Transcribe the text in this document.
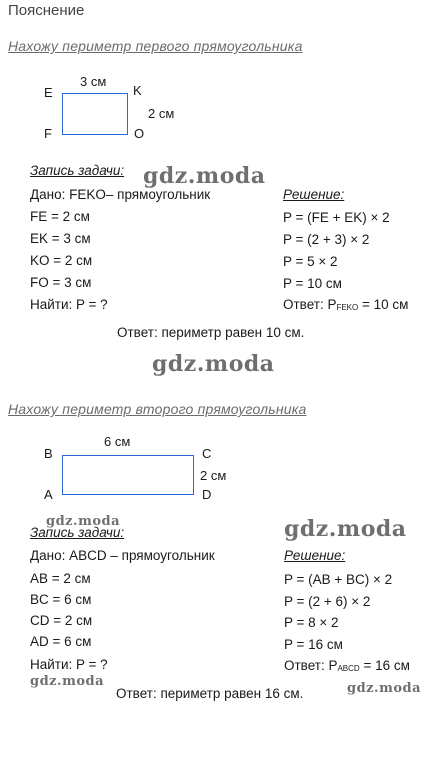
Пояснение
Нахожу периметр первого прямоугольника
E
3 см
K
2 см
F	O
Запись задачи:
Дано: FEKO– прямоугольник
FE = 2 см
EK = 3 см
KO = 2 см
FO = 3 см
Найти: P = ?
Решение:
P = (FE + EK) × 2
P = (2 + 3) × 2
P = 5 × 2
P = 10 см
Ответ: $P_{FEKO} = 10$ см
Ответ: периметр равен 10 см.
Нахожу периметр второго прямоугольника
6 см
B	C
2 см
A	D
Запись задачи:
Дано: ABCD – прямоугольник
AB = 2 см
BC = 6 см
CD = 2 см
AD = 6 см
Найти: P = ?
Решение:
P = (AB + BC) × 2
P = (2 + 6) × 2
P = 8 × 2
P = 16 см
Ответ: $P_{ABCD} = 16$ см
Ответ: периметр равен 16 см.
gdz.moda
gdz.moda
gdz.moda	gdz.moda
gdz.moda	gdz.moda
